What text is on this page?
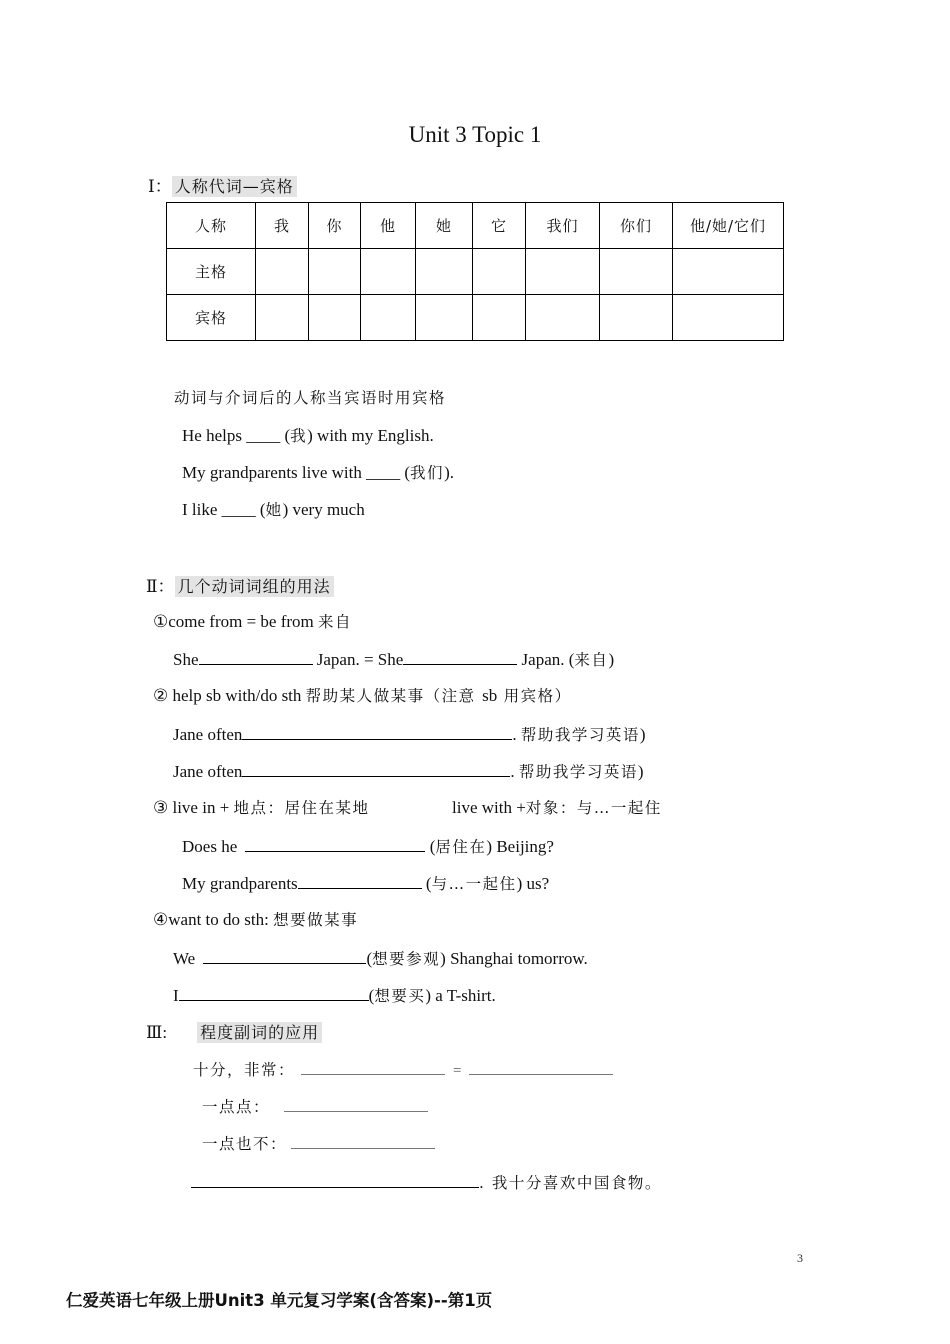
Unit 3 Topic 1
Ⅰ： 人称代词—宾格
人称	我	你	他	她	它	我们	你们	他/她/它们
主格								
宾格								
动词与介词后的人称当宾语时用宾格
He helps ____ (我) with my English.
My grandparents live with ____ (我们).
I like ____ (她) very much
Ⅱ： 几个动词词组的用法
①come from = be from 来自
She	Japan. = She	Japan. (来自)
② help sb with/do sth 帮助某人做某事（注意 sb 用宾格）
Jane often	. 帮助我学习英语)
Jane often	. 帮助我学习英语)
③ live in + 地点：居住在某地	live with +对象：与…一起住
Does he	(居住在) Beijing?
My grandparents	(与…一起住) us?
④want to do sth: 想要做某事
We	(想要参观) Shanghai tomorrow.
I	(想要买) a T-shirt.
Ⅲ: 程度副词的应用
十分，非常：	=
一点点：
一点也不：
. 我十分喜欢中国食物。
3
仁爱英语七年级上册Unit3 单元复习学案(含答案)--第1页
